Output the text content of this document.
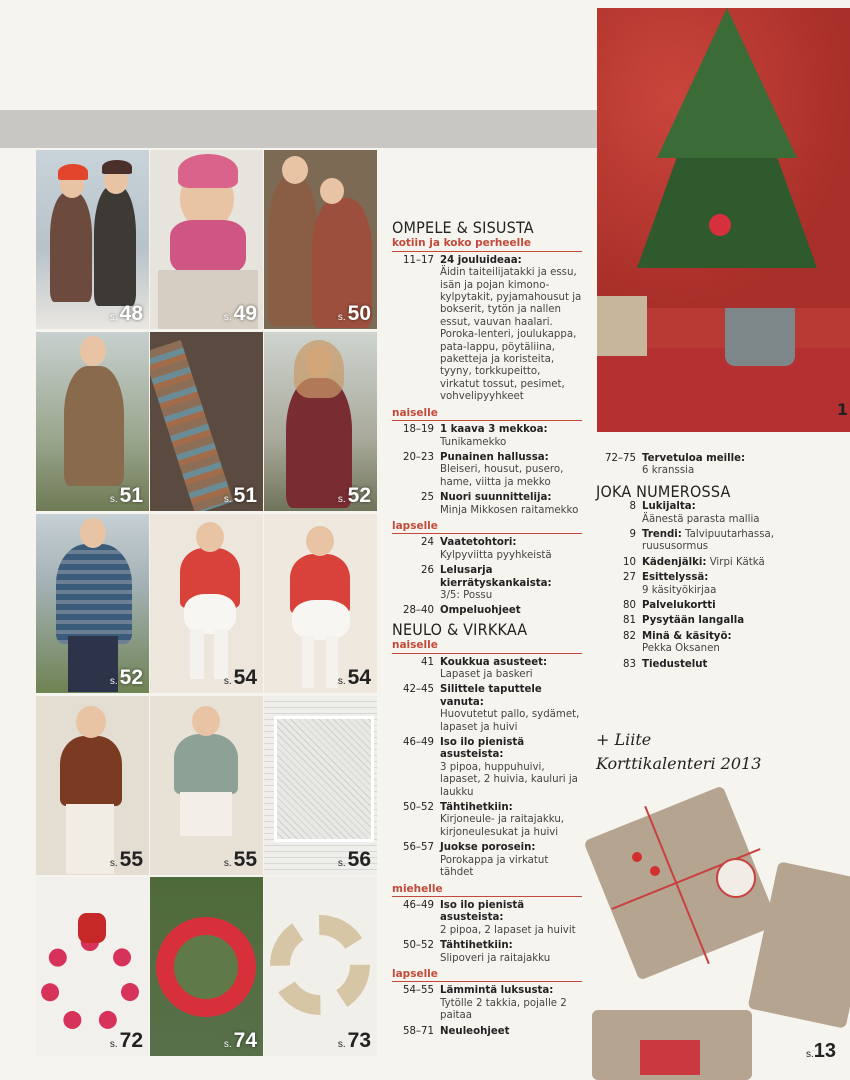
s.48	s.49	s.50
s.51	s.51	s.52
s.52	s.54	s.54
s.55	s.55	s.56
s.72	s.74	s.73
OMPELE & SISUSTA
kotiin ja koko perheelle
11–17 24 jouluideaa:
Äidin taiteilijatakki ja essu, isän ja pojan kimono-kylpytakit, pyjamahousut ja bokserit, tytön ja nallen essut, vauvan haalari. Poroka-lenteri, joulukappa, pata-lappu, pöytäliina, paketteja ja koristeita, tyyny, torkkupeitto, virkatut tossut, pesimet, vohvelipyyhkeet
naiselle
18–19 1 kaava 3 mekkoa:
Tunikamekko
20–23 Punainen hallussa:
Bleiseri, housut, pusero, hame, viitta ja mekko
25 Nuori suunnittelija:
Minja Mikkosen raitamekko
lapselle
24 Vaatetohtori:
Kylpyviitta pyyhkeistä
26 Lelusarja kierrätyskankaista:
3/5: Possu
28–40 Ompeluohjeet
NEULO & VIRKKAA
naiselle
41 Koukkua asusteet:
Lapaset ja baskeri
42–45 Silittele taputtele vanuta:
Huovutetut pallo, sydämet, lapaset ja huivi
46–49 Iso ilo pienistä asusteista:
3 pipoa, huppuhuivi, lapaset, 2 huivia, kauluri ja laukku
50–52 Tähtihetkiin:
Kirjoneule- ja raitajakku, kirjoneulesukat ja huivi
56–57 Juokse porosein:
Porokappa ja virkatut tähdet
miehelle
46–49 Iso ilo pienistä asusteista:
2 pipoa, 2 lapaset ja huivit
50–52 Tähtihetkiin:
Slipoveri ja raitajakku
lapselle
54–55 Lämmintä luksusta:
Tytölle 2 takkia, pojalle 2 paitaa
58–71 Neuleohjeet
1
72–75 Tervetuloa meille:
6 kranssia
JOKA NUMEROSSA
8 Lukijalta:
Äänestä parasta mallia
9 Trendi: Talvipuutarhassa, ruususormus
10 Kädenjälki: Virpi Kätkä
27 Esittelyssä:
9 käsityökirjaa
80 Palvelukortti
81 Pysytään langalla
82 Minä & käsityö:
Pekka Oksanen
83 Tiedustelut
+ Liite
Korttikalenteri 2013
s.13
